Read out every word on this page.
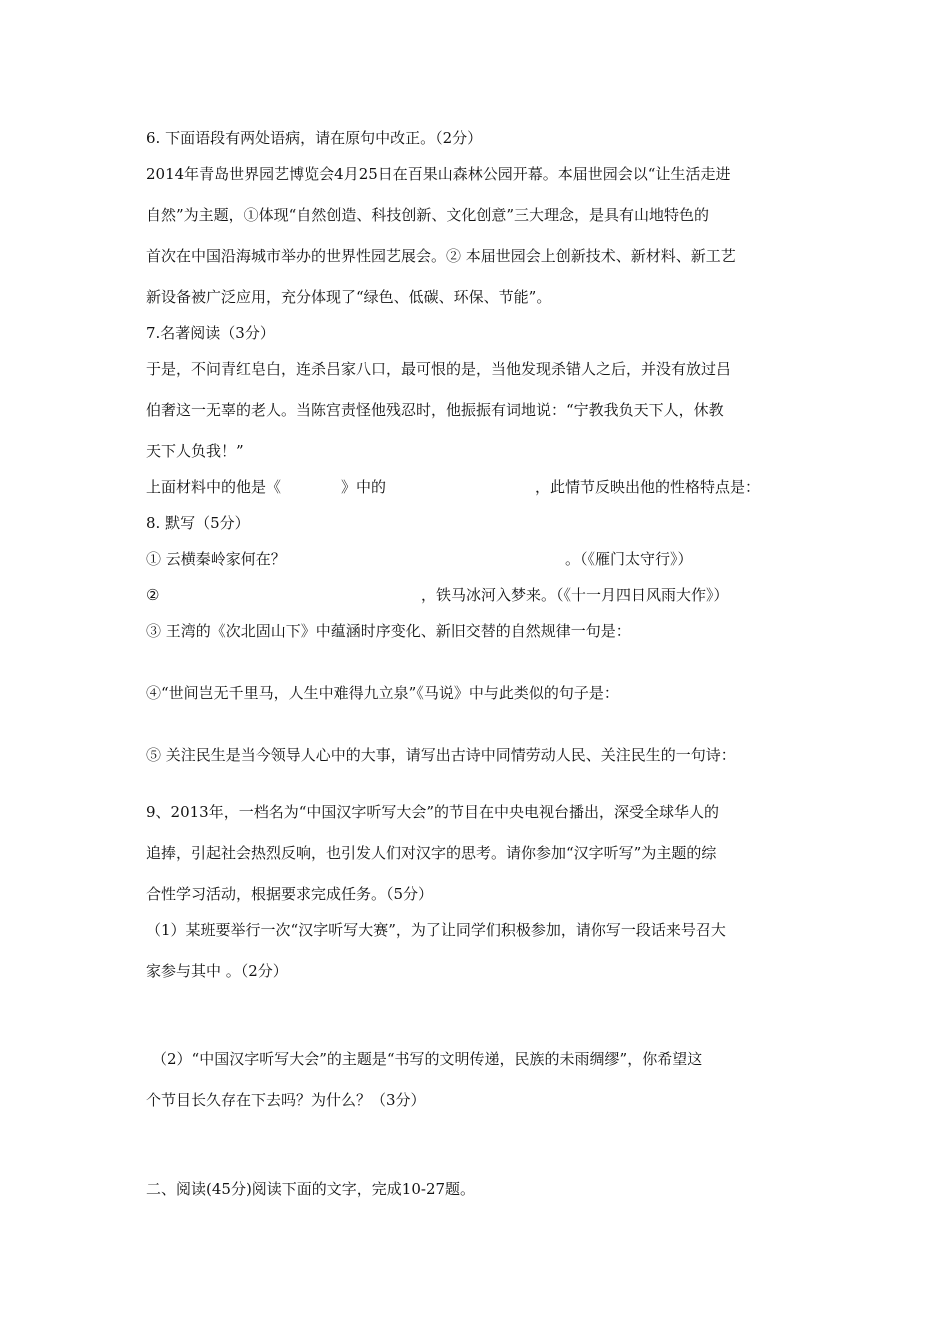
6. 下面语段有两处语病，请在原句中改正。（2分）
2014年青岛世界园艺博览会4月25日在百果山森林公园开幕。本届世园会以“让生活走进
自然”为主题，①体现“自然创造、科技创新、文化创意”三大理念，是具有山地特色的
首次在中国沿海城市举办的世界性园艺展会。② 本届世园会上创新技术、新材料、新工艺
新设备被广泛应用，充分体现了“绿色、低碳、环保、节能”。
7.名著阅读（3分）
于是，不问青红皂白，连杀吕家八口，最可恨的是，当他发现杀错人之后，并没有放过吕
伯奢这一无辜的老人。当陈宫责怪他残忍时，他振振有词地说：“宁教我负天下人，休教
天下人负我！”
上面材料中的他是《	》中的	，此情节反映出他的性格特点是：
8. 默写（5分）
① 云横秦岭家何在？	。（《雁门太守行》）
②	，铁马冰河入梦来。（《十一月四日风雨大作》）
③ 王湾的《次北固山下》中蕴涵时序变化、新旧交替的自然规律一句是：
④“世间岂无千里马，人生中难得九立泉”《马说》中与此类似的句子是：
⑤ 关注民生是当今领导人心中的大事，请写出古诗中同情劳动人民、关注民生的一句诗：
9、2013年，一档名为“中国汉字听写大会”的节目在中央电视台播出，深受全球华人的
追捧，引起社会热烈反响，也引发人们对汉字的思考。请你参加“汉字听写”为主题的综
合性学习活动，根据要求完成任务。（5分）
（1）某班要举行一次“汉字听写大赛”，为了让同学们积极参加，请你写一段话来号召大
家参与其中 。（2分）
（2）“中国汉字听写大会”的主题是“书写的文明传递，民族的未雨绸缪”，你希望这
个节目长久存在下去吗？为什么？（3分）
二、阅读(45分)阅读下面的文字，完成10-27题。
